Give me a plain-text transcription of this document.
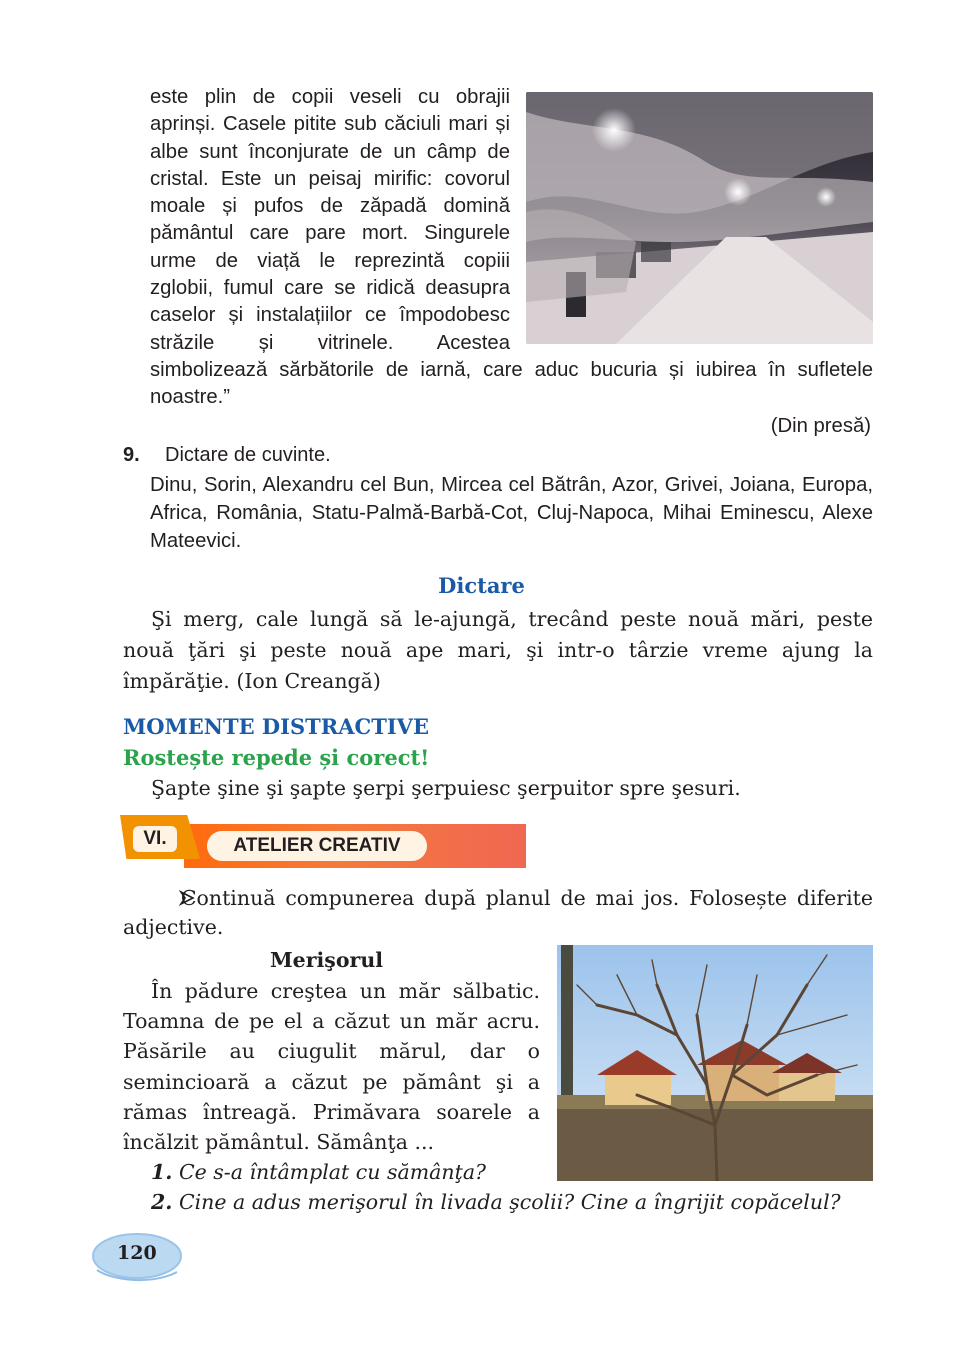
este plin de copii veseli cu obrajii aprinși. Casele pitite sub căciuli mari și albe sunt înconjurate de un câmp de cristal. Este un peisaj mirific: covorul moale și pufos de zăpadă domină pământul care pare mort. Singurele urme de viață le reprezintă copiii zglobii, fumul care se ridică deasupra caselor și instalațiilor ce împodobesc străzile și vitrinele. Acestea simbolizează sărbătorile de iarnă, care aduc bucuria și iubirea în sufletele noastre.”

(Din presă)
9. Dictare de cuvinte.
Dinu, Sorin, Alexandru cel Bun, Mircea cel Bătrân, Azor, Grivei, Joiana, Europa, Africa, România, Statu-Palmă-Barbă-Cot, Cluj-Napoca, Mihai Eminescu, Alexe Mateevici.
Dictare
Şi merg, cale lungă să le-ajungă, trecând peste nouă mări, peste nouă ţări şi peste nouă ape mari, şi intr-o târzie vreme ajung la împărăţie. (Ion Creangă)
MOMENTE DISTRACTIVE
Rostește repede și corect!
Şapte şine şi şapte şerpi şerpuiesc şerpuitor spre şesuri.
VI.	ATELIER CREATIV
Continuă compunerea după planul de mai jos. Folosește diferite adjective.
Merişorul

În pădure creştea un măr sălbatic. Toamna de pe el a căzut un măr acru. Păsările au ciugulit mărul, dar o semincioară a căzut pe pământ şi a rămas întreagă. Primăvara soarele a încălzit pământul. Sămânţa ...

1. Ce s-a întâmplat cu sămânţa?
2. Cine a adus merişorul în livada şcolii? Cine a îngrijit copăcelul?
120
